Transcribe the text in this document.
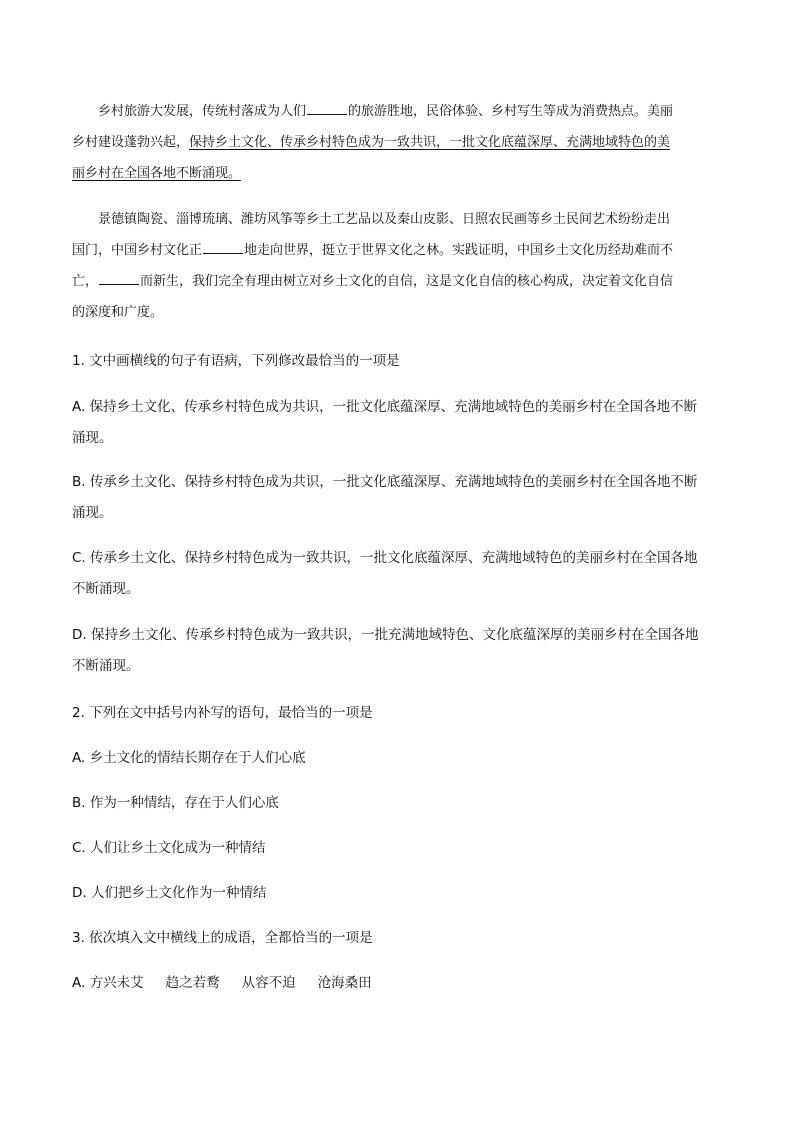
乡村旅游大发展，传统村落成为人们	的旅游胜地，民俗体验、乡村写生等成为消费热点。美丽
乡村建设蓬勃兴起，保持乡土文化、传承乡村特色成为一致共识，一批文化底蕴深厚、充满地域特色的美
丽乡村在全国各地不断涌现。
景德镇陶瓷、淄博琉璃、潍坊风筝等乡土工艺品以及秦山皮影、日照农民画等乡土民间艺术纷纷走出
国门，中国乡村文化正	地走向世界，挺立于世界文化之林。实践证明，中国乡土文化历经劫难而不
亡，	而新生，我们完全有理由树立对乡土文化的自信，这是文化自信的核心构成，决定着文化自信
的深度和广度。
1. 文中画横线的句子有语病，下列修改最恰当的一项是
A. 保持乡土文化、传承乡村特色成为共识，一批文化底蕴深厚、充满地域特色的美丽乡村在全国各地不断
涌现。
B. 传承乡土文化、保持乡村特色成为共识，一批文化底蕴深厚、充满地域特色的美丽乡村在全国各地不断
涌现。
C. 传承乡土文化、保持乡村特色成为一致共识，一批文化底蕴深厚、充满地域特色的美丽乡村在全国各地
不断涌现。
D. 保持乡土文化、传承乡村特色成为一致共识，一批充满地域特色、文化底蕴深厚的美丽乡村在全国各地
不断涌现。
2. 下列在文中括号内补写的语句，最恰当的一项是
A. 乡土文化的情结长期存在于人们心底
B. 作为一种情结，存在于人们心底
C. 人们让乡土文化成为一种情结
D. 人们把乡土文化作为一种情结
3. 依次填入文中横线上的成语，全都恰当的一项是
A. 方兴未艾 趋之若鹜 从容不迫 沧海桑田
